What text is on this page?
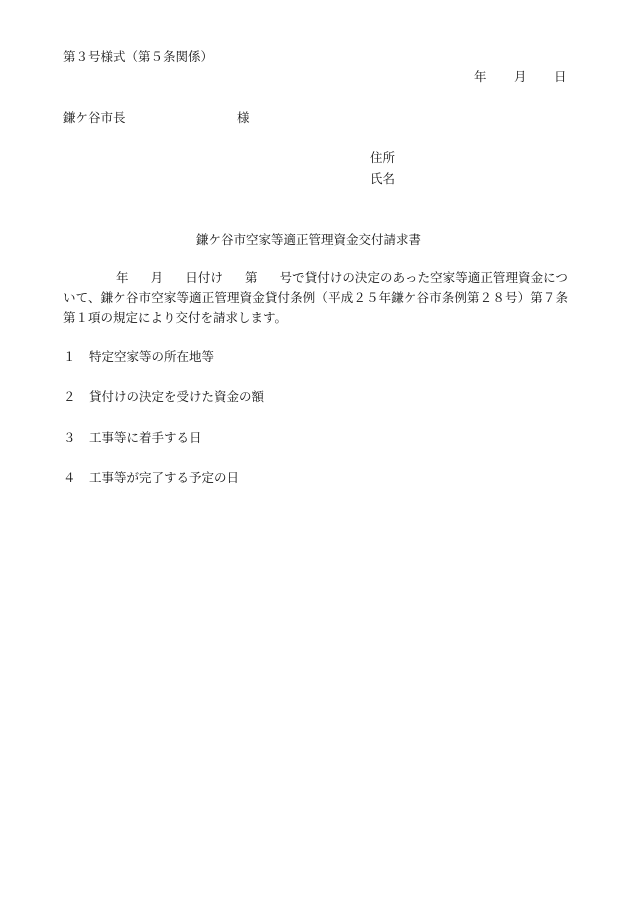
第３号様式（第５条関係）
年 月 日
鎌ケ谷市長	様
住所
氏名
鎌ケ谷市空家等適正管理資金交付請求書
年 月 日付け 第 号で貸付けの決定のあった空家等適正管理資金について、鎌ケ谷市空家等適正管理資金貸付条例（平成２５年鎌ケ谷市条例第２８号）第７条第１項の規定により交付を請求します。
１ 特定空家等の所在地等
２ 貸付けの決定を受けた資金の額
３ 工事等に着手する日
４ 工事等が完了する予定の日
